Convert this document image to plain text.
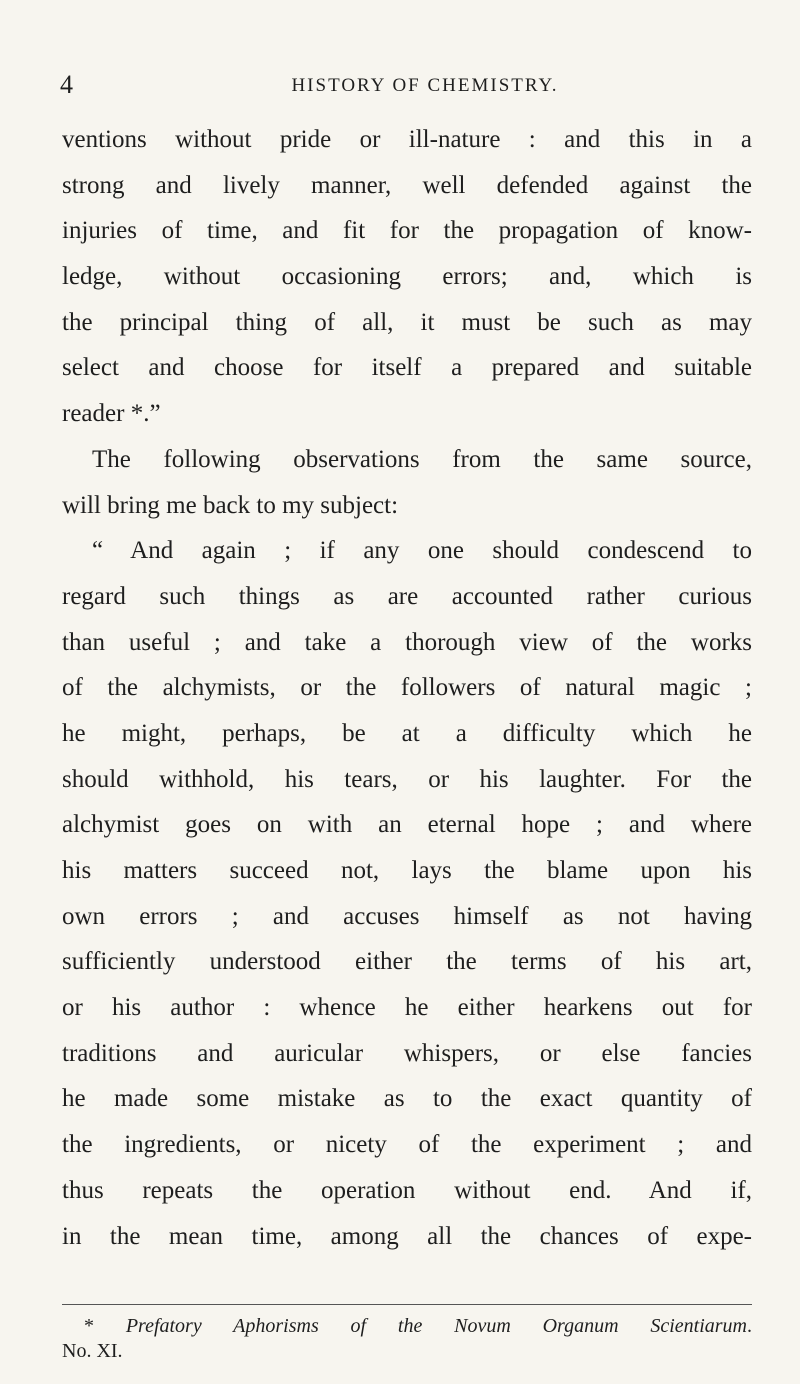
4	HISTORY OF CHEMISTRY.
ventions without pride or ill-nature : and this in a
strong and lively manner, well defended against the
injuries of time, and fit for the propagation of know-
ledge, without occasioning errors; and, which is
the principal thing of all, it must be such as may
select and choose for itself a prepared and suitable
reader *.”
The following observations from the same source,
will bring me back to my subject:
“ And again ; if any one should condescend to
regard such things as are accounted rather curious
than useful ; and take a thorough view of the works
of the alchymists, or the followers of natural magic ;
he might, perhaps, be at a difficulty which he
should withhold, his tears, or his laughter. For the
alchymist goes on with an eternal hope ; and where
his matters succeed not, lays the blame upon his
own errors ; and accuses himself as not having
sufficiently understood either the terms of his art,
or his author : whence he either hearkens out for
traditions and auricular whispers, or else fancies
he made some mistake as to the exact quantity of
the ingredients, or nicety of the experiment ; and
thus repeats the operation without end. And if,
in the mean time, among all the chances of expe-
* Prefatory Aphorisms of the Novum Organum Scientiarum.
No. XI.
